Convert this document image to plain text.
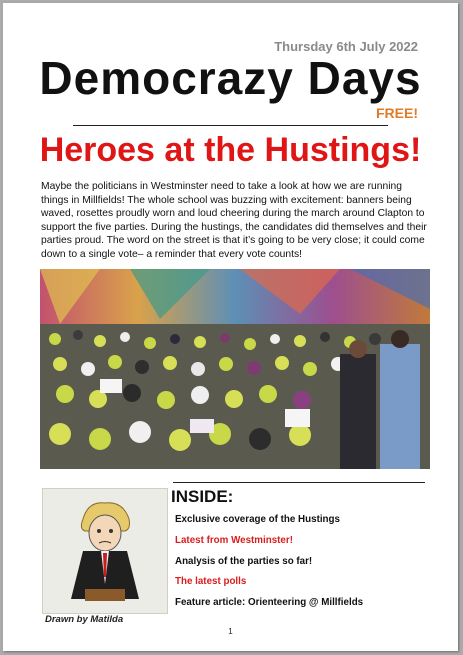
Thursday 6th July 2022
Democrazy Days
FREE!
Heroes at the Hustings!
Maybe the politicians in Westminster need to take a look at how we are running things in Millfields! The whole school was buzzing with excitement: banners being waved, rosettes proudly worn and loud cheering during the march around Clapton to support the five parties. During the hustings, the candidates did themselves and their parties proud. The word on the street is that it’s going to be very close; it could come down to a single vote– a reminder that every vote counts!
Drawn by Matilda
INSIDE:
Exclusive coverage of the Hustings
Latest from Westminster!
Analysis of the parties so far!
The latest polls
Feature article: Orienteering @ Millfields
1
